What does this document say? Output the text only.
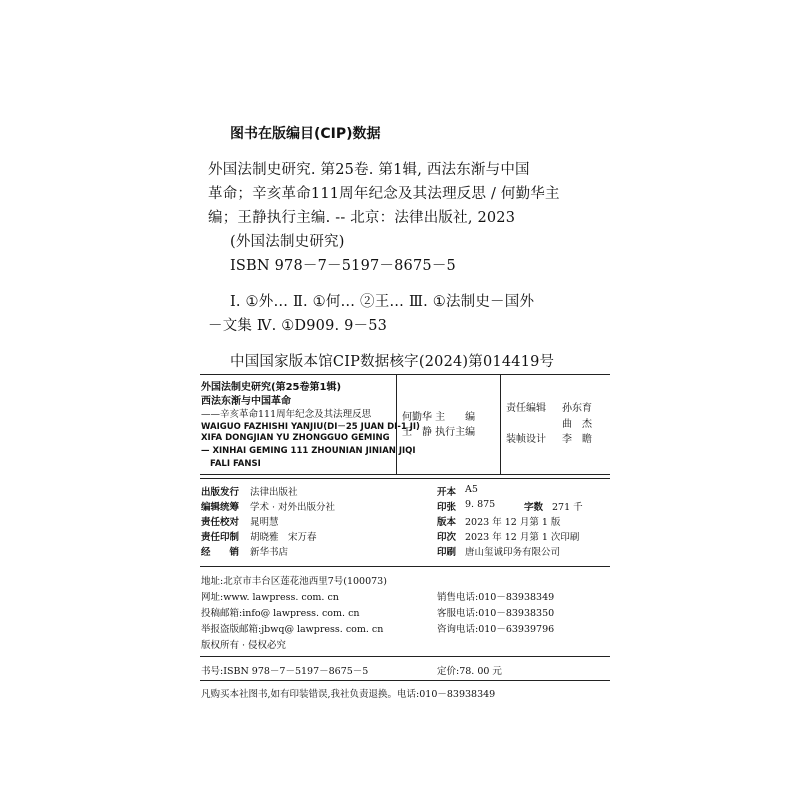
图书在版编目(CIP)数据
外国法制史研究. 第25卷. 第1辑, 西法东渐与中国
革命；辛亥革命111周年纪念及其法理反思 / 何勤华主
编；王静执行主编. -- 北京：法律出版社, 2023
(外国法制史研究)
ISBN 978－7－5197－8675－5
Ⅰ. ①外… Ⅱ. ①何… ②王… Ⅲ. ①法制史－国外
－文集 Ⅳ. ①D909. 9－53
中国国家版本馆CIP数据核字(2024)第014419号
外国法制史研究(第25卷第1辑)
西法东渐与中国革命
——辛亥革命111周年纪念及其法理反思
WAIGUO FAZHISHI YANJIU(DI－25 JUAN DI-1 JI)
XIFA DONGJIAN YU ZHONGGUO GEMING
— XINHAI GEMING 111 ZHOUNIAN JINIAN JIQI
FALI FANSI
何勤华 主　　编
王　静 执行主编
责任编辑 孙东育
曲　杰
装帧设计 李　瞻
出版发行 法律出版社
编辑统筹 学术 · 对外出版分社
责任校对 晁明慧
责任印制 胡晓雅　宋万春
经　　销 新华书店
开本 A5
印张 9. 875	字数 271 千
版本 2023 年 12 月第 1 版
印次 2023 年 12 月第 1 次印刷
印刷 唐山玺诚印务有限公司
地址:北京市丰台区莲花池西里7号(100073)
网址:www. lawpress. com. cn
投稿邮箱:info@ lawpress. com. cn
举报盗版邮箱:jbwq@ lawpress. com. cn
版权所有 · 侵权必究
销售电话:010－83938349
客服电话:010－83938350
咨询电话:010－63939796
书号:ISBN 978－7－5197－8675－5	定价:78. 00 元
凡购买本社图书,如有印装错误,我社负责退换。电话:010－83938349
